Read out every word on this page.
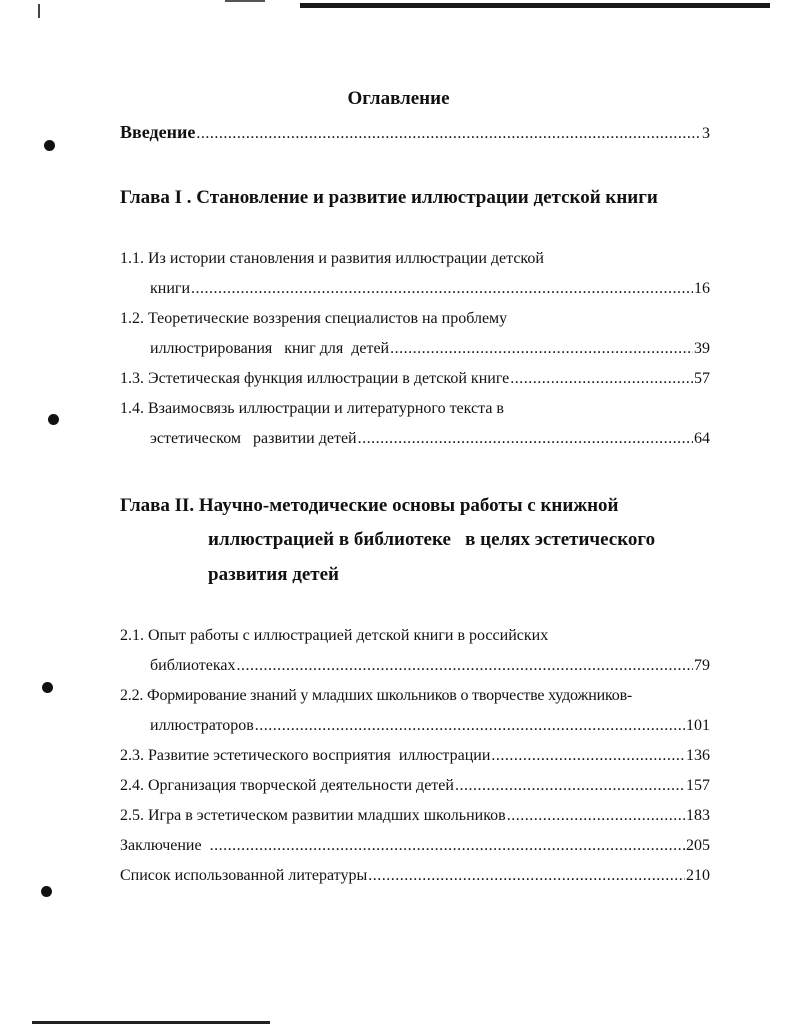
Оглавление
Введение .....	3
Глава I . Становление и развитие иллюстрации детской книги
1.1. Из истории становления и развития иллюстрации детской
книги .....	16
1.2. Теоретические воззрения специалистов на проблему
иллюстрирования   книг для  детей .....	39
1.3. Эстетическая функция иллюстрации в детской книге .....	57
1.4. Взаимосвязь иллюстрации и литературного текста в
эстетическом   развитии детей .....	64
Глава II. Научно-методические основы работы с книжной
иллюстрацией в библиотеке   в целях эстетического
развития детей
2.1. Опыт работы с иллюстрацией детской книги в российских
библиотеках .....	79
2.2. Формирование знаний у младших школьников о творчестве художников-
иллюстраторов .....	101
2.3. Развитие эстетического восприятия  иллюстрации .....	136
2.4. Организация творческой деятельности детей .....	157
2.5. Игра в эстетическом развитии младших школьников .....	183
Заключение .....	205
Список использованной литературы .....	210
